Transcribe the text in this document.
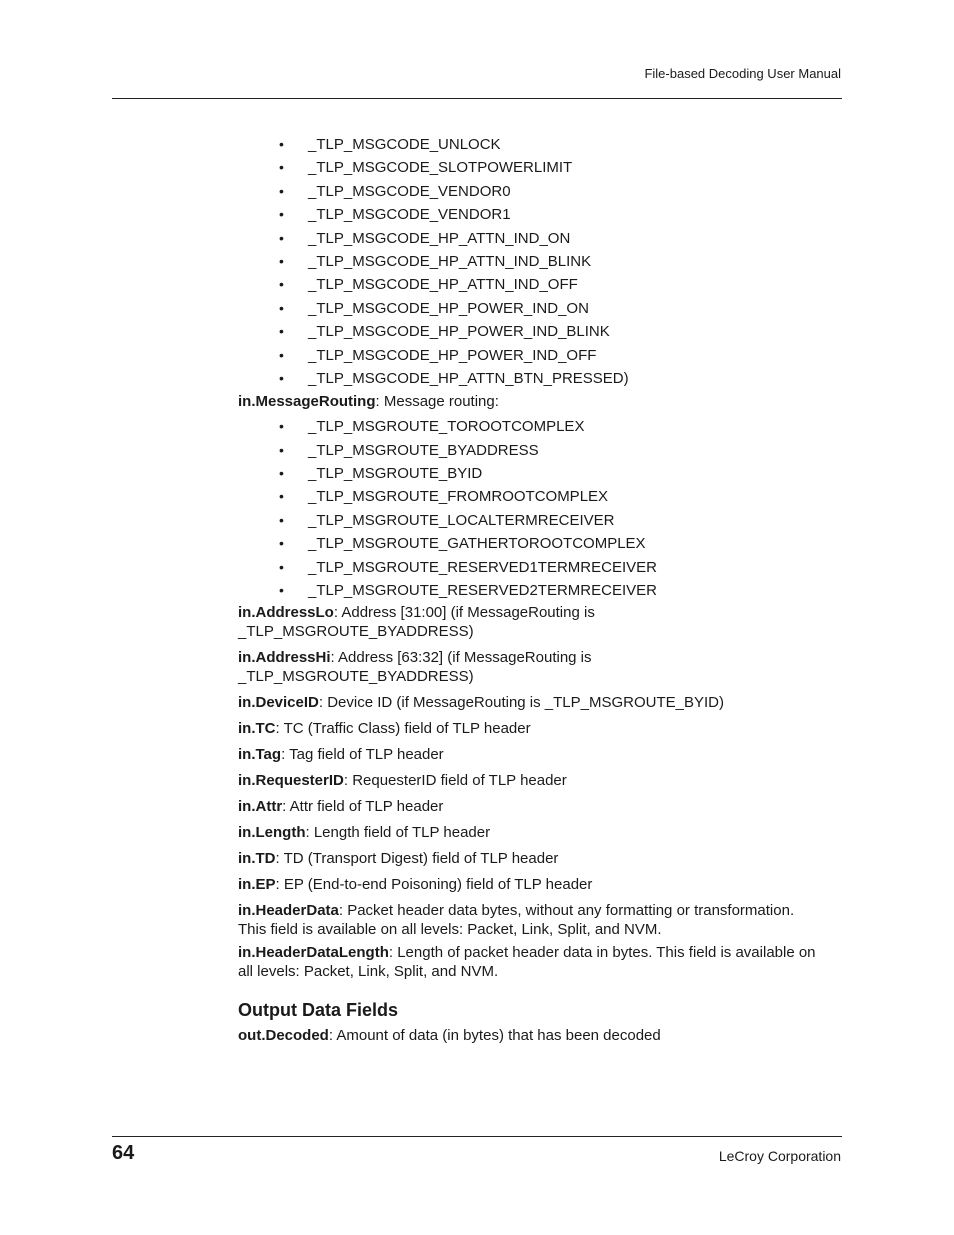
File-based Decoding User Manual
• _TLP_MSGCODE_UNLOCK
• _TLP_MSGCODE_SLOTPOWERLIMIT
• _TLP_MSGCODE_VENDOR0
• _TLP_MSGCODE_VENDOR1
• _TLP_MSGCODE_HP_ATTN_IND_ON
• _TLP_MSGCODE_HP_ATTN_IND_BLINK
• _TLP_MSGCODE_HP_ATTN_IND_OFF
• _TLP_MSGCODE_HP_POWER_IND_ON
• _TLP_MSGCODE_HP_POWER_IND_BLINK
• _TLP_MSGCODE_HP_POWER_IND_OFF
• _TLP_MSGCODE_HP_ATTN_BTN_PRESSED)

in.MessageRouting: Message routing:

• _TLP_MSGROUTE_TOROOTCOMPLEX
• _TLP_MSGROUTE_BYADDRESS
• _TLP_MSGROUTE_BYID
• _TLP_MSGROUTE_FROMROOTCOMPLEX
• _TLP_MSGROUTE_LOCALTERMRECEIVER
• _TLP_MSGROUTE_GATHERTOROOTCOMPLEX
• _TLP_MSGROUTE_RESERVED1TERMRECEIVER
• _TLP_MSGROUTE_RESERVED2TERMRECEIVER

in.AddressLo: Address [31:00] (if MessageRouting is
_TLP_MSGROUTE_BYADDRESS)

in.AddressHi: Address [63:32] (if MessageRouting is
_TLP_MSGROUTE_BYADDRESS)

in.DeviceID: Device ID (if MessageRouting is _TLP_MSGROUTE_BYID)

in.TC: TC (Traffic Class) field of TLP header

in.Tag: Tag field of TLP header

in.RequesterID: RequesterID field of TLP header

in.Attr: Attr field of TLP header

in.Length: Length field of TLP header

in.TD: TD (Transport Digest) field of TLP header

in.EP: EP (End-to-end Poisoning) field of TLP header

in.HeaderData: Packet header data bytes, without any formatting or transformation.
This field is available on all levels: Packet, Link, Split, and NVM.

in.HeaderDataLength: Length of packet header data in bytes. This field is available on
all levels: Packet, Link, Split, and NVM.

Output Data Fields

out.Decoded: Amount of data (in bytes) that has been decoded

64	LeCroy Corporation
